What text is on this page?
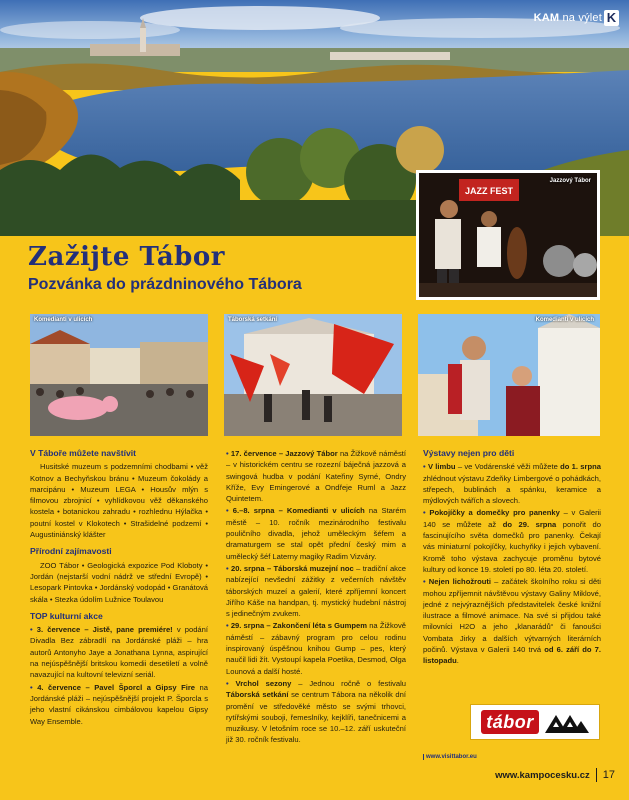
KAM na výlet K
JAZZ FEST
Jazzový Tábor
Zažijte Tábor
Pozvánka do prázdninového Tábora
Komedianti v ulicích	Táborská setkání	Komedianti v ulicích
V Táboře můžete navštívit

Husitské muzeum s podzemními chodbami • věž Kotnov a Bechyňskou bránu • Muzeum čokolády a marcipánu • Muzeum LEGA • Housův mlýn s filmovou zbrojnicí • vyhlídkovou věž děkanského kostela • botanickou zahradu • rozhlednu Hýlačka • poutní kostel v Klokotech • Strašidelné podzemí • Augustiniánský klášter

Přírodní zajímavosti

ZOO Tábor • Geologická expozice Pod Kloboty • Jordán (nejstarší vodní nádrž ve střední Evropě) • Lesopark Pintovka • Jordánský vodopád • Granátová skála • Stezka údolím Lužnice Toulavou

TOP kulturní akce

• 3. července – Jistě, pane premiére! v podání Divadla Bez zábradlí na Jordánské pláži – hra autorů Antonyho Jaye a Jonathana Lynna, aspirující na nejúspěšnější britskou komedii desetiletí a volně navazující na kultovní televizní seriál.

• 4. července – Pavel Šporcl a Gipsy Fire na Jordánské pláži – nejúspěšnější projekt P. Šporcla s jeho vlastní cikánskou cimbálovou kapelou Gipsy Way Ensemble.

• 17. července – Jazzový Tábor na Žižkově náměstí – v historickém centru se rozezní báječná jazzová a swingová hudba v podání Kateřiny Syrné, Ondry Kříže, Evy Emingerové a Ondřeje Ruml a Jazz Quintetem.

• 6.–8. srpna – Komedianti v ulicích na Starém městě – 10. ročník mezinárodního festivalu pouličního divadla, jehož uměleckým šéfem a dramaturgem se stal opět přední český mim a umělecký šéf Laterny magiky Radim Vizváry.

• 20. srpna – Táborská muzejní noc – tradiční akce nabízející nevšední zážitky z večerních návštěv táborských muzeí a galerií, které zpříjemní koncert Jiřího Káše na handpan, tj. mystický hudební nástroj s jedinečným zvukem.

• 29. srpna – Zakončení léta s Gumpem na Žižkově náměstí – zábavný program pro celou rodinu inspirovaný úspěšnou knihou Gump – pes, který naučil lidi žít. Vystoupí kapela Poetika, Desmod, Olga Lounová a další hosté.

• Vrchol sezony – Jednou ročně o festivalu Táborská setkání se centrum Tábora na několik dní promění ve středověké město se svými trhovci, rytířskými souboji, řemeslníky, kejklíři, tanečnicemi a muzikusy. V letošním roce se 10.–12. září uskuteční již 30. ročník festivalu.

Výstavy nejen pro děti

• V limbu – ve Vodárenské věži můžete do 1. srpna zhlédnout výstavu Zdeňky Limbergové o pohádkách, střepech, bublinách a spánku, keramice a mýdlových tvářích a slovech.

• Pokojíčky a domečky pro panenky – v Galerii 140 se můžete až do 29. srpna ponořit do fascinujícího světa domečků pro panenky. Čekají vás miniaturní pokojíčky, kuchyňky i jejich vybavení. Kromě toho výstava zachycuje proměnu bytové kultury od konce 19. století po 80. léta 20. století.

• Nejen lichožrouti – začátek školního roku si děti mohou zpříjemnit návštěvou výstavy Galiny Miklové, jedné z nejvýraznějších představitelek české knižní ilustrace a filmové animace. Na své si přijdou také milovníci H2O a jeho „klanarádů“ či fanoušci Vombata Jirky a dalších výtvarných literárních počinů. Výstava v Galerii 140 trvá od 6. září do 7. listopadu.

tábor
www.visittabor.eu
www.kampocesku.cz 17
